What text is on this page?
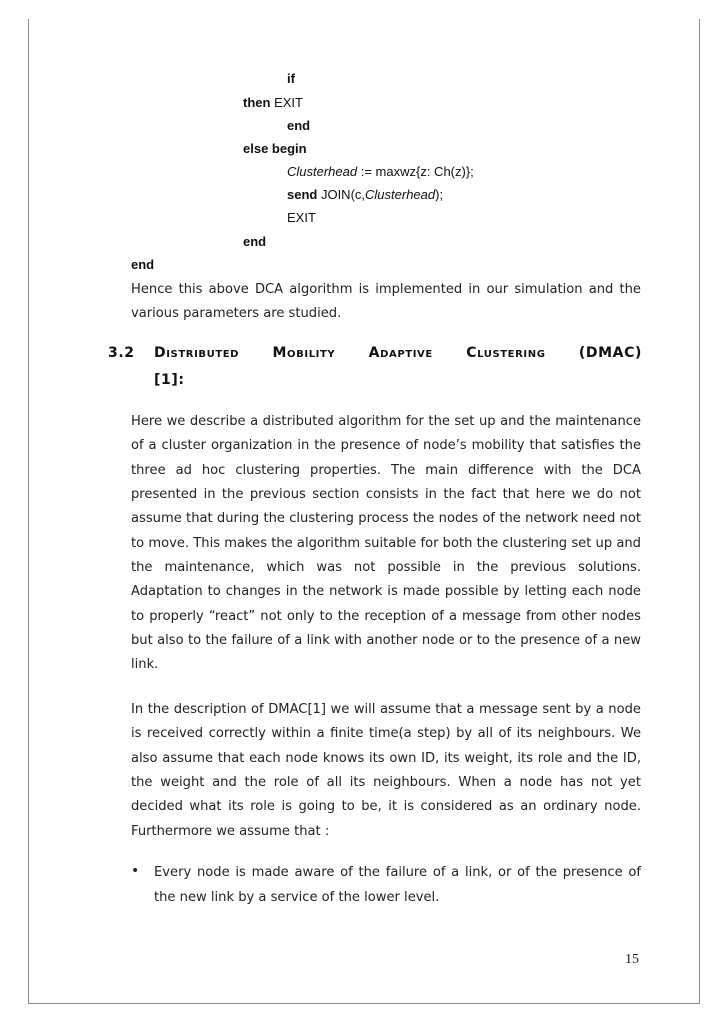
if
then EXIT
end
else begin
Clusterhead := maxwz{z: Ch(z)};
send JOIN(c,Clusterhead);
EXIT
end
end
Hence this above DCA algorithm is implemented in our simulation and the various parameters are studied.
3.2 Distributed Mobility Adaptive Clustering (DMAC)
[1]:
Here we describe a distributed algorithm for the set up and the maintenance of a cluster organization in the presence of node’s mobility that satisfies the three ad hoc clustering properties. The main difference with the DCA presented in the previous section consists in the fact that here we do not assume that during the clustering process the nodes of the network need not to move. This makes the algorithm suitable for both the clustering set up and the maintenance, which was not possible in the previous solutions. Adaptation to changes in the network is made possible by letting each node to properly “react” not only to the reception of a message from other nodes but also to the failure of a link with another node or to the presence of a new link.
In the description of DMAC[1] we will assume that a message sent by a node is received correctly within a finite time(a step) by all of its neighbours. We also assume that each node knows its own ID, its weight, its role and the ID, the weight and the role of all its neighbours. When a node has not yet decided what its role is going to be, it is considered as an ordinary node. Furthermore we assume that :
• Every node is made aware of the failure of a link, or of the presence of the new link by a service of the lower level.
15
